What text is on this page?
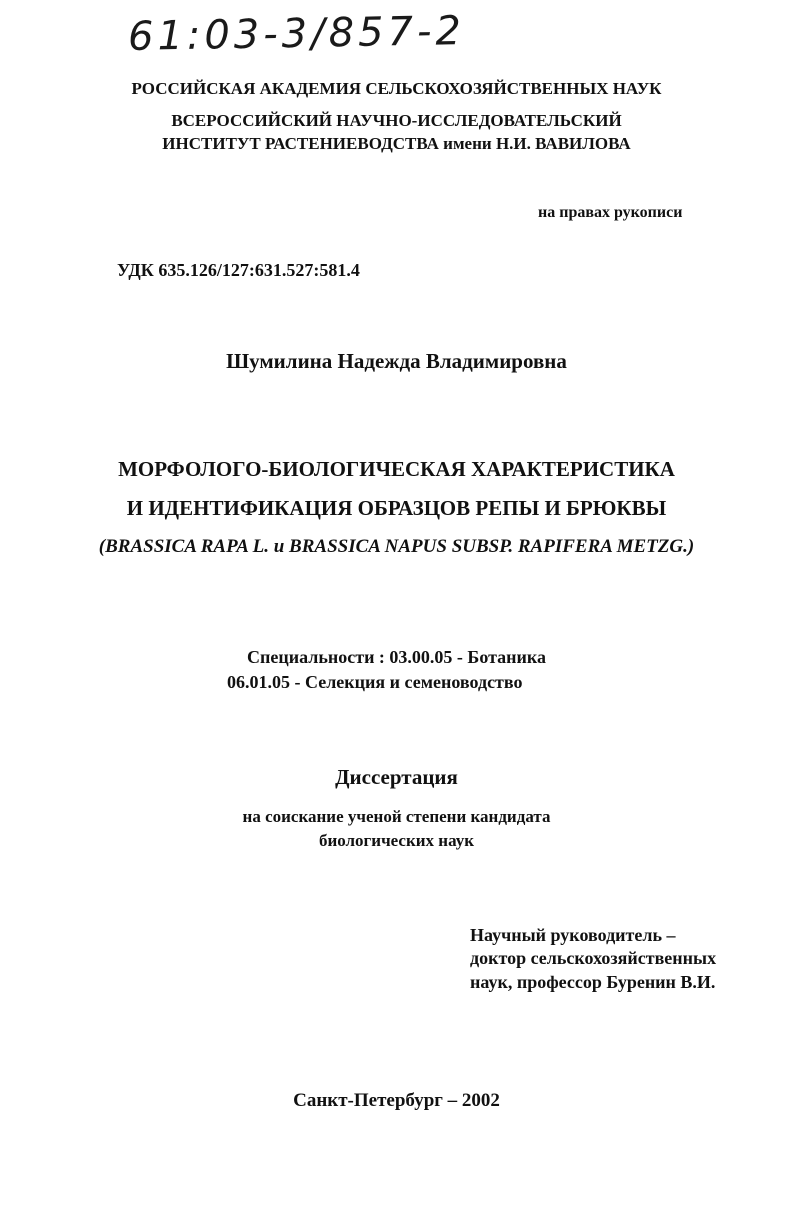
61:03-3/857-2
РОССИЙСКАЯ АКАДЕМИЯ СЕЛЬСКОХОЗЯЙСТВЕННЫХ НАУК
ВСЕРОССИЙСКИЙ НАУЧНО-ИССЛЕДОВАТЕЛЬСКИЙ
ИНСТИТУТ РАСТЕНИЕВОДСТВА имени Н.И. ВАВИЛОВА
на правах рукописи
УДК 635.126/127:631.527:581.4
Шумилина Надежда Владимировна
МОРФОЛОГО-БИОЛОГИЧЕСКАЯ ХАРАКТЕРИСТИКА
И ИДЕНТИФИКАЦИЯ ОБРАЗЦОВ РЕПЫ И БРЮКВЫ
(BRASSICA RAPA L. и BRASSICA NAPUS SUBSP. RAPIFERA METZG.)
Специальности : 03.00.05 - Ботаника
06.01.05 - Селекция и семеноводство
Диссертация
на соискание ученой степени кандидата
биологических наук
Научный руководитель –
доктор сельскохозяйственных
наук, профессор Буренин В.И.
Санкт-Петербург – 2002
